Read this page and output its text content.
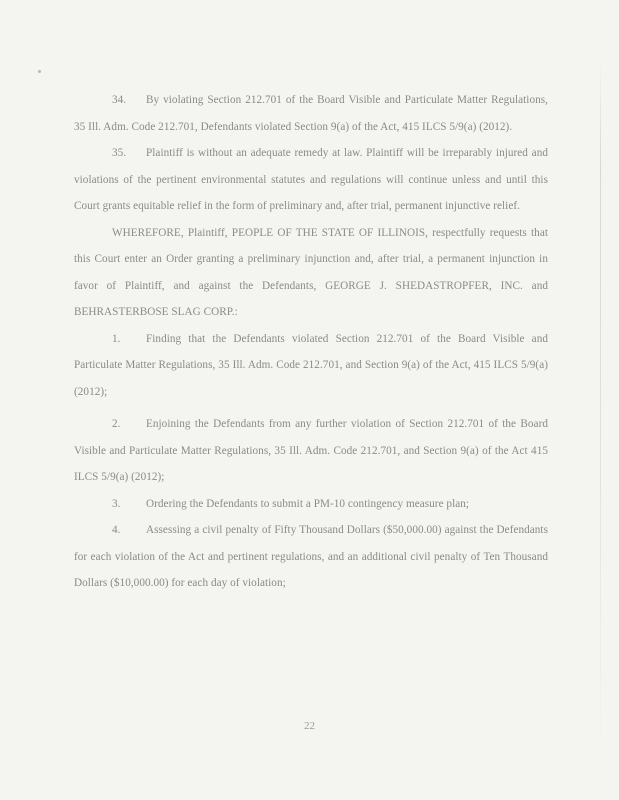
34. By violating Section 212.701 of the Board Visible and Particulate Matter Regulations, 35 Ill. Adm. Code 212.701, Defendants violated Section 9(a) of the Act, 415 ILCS 5/9(a) (2012).

35. Plaintiff is without an adequate remedy at law. Plaintiff will be irreparably injured and violations of the pertinent environmental statutes and regulations will continue unless and until this Court grants equitable relief in the form of preliminary and, after trial, permanent injunctive relief.

WHEREFORE, Plaintiff, PEOPLE OF THE STATE OF ILLINOIS, respectfully requests that this Court enter an Order granting a preliminary injunction and, after trial, a permanent injunction in favor of Plaintiff, and against the Defendants, GEORGE J. SHEDASTROPFER, INC. and BEHRASTERBOSE SLAG CORP.:

1. Finding that the Defendants violated Section 212.701 of the Board Visible and Particulate Matter Regulations, 35 Ill. Adm. Code 212.701, and Section 9(a) of the Act, 415 ILCS 5/9(a) (2012);

2. Enjoining the Defendants from any further violation of Section 212.701 of the Board Visible and Particulate Matter Regulations, 35 Ill. Adm. Code 212.701, and Section 9(a) of the Act 415 ILCS 5/9(a) (2012);

3. Ordering the Defendants to submit a PM-10 contingency measure plan;

4. Assessing a civil penalty of Fifty Thousand Dollars ($50,000.00) against the Defendants for each violation of the Act and pertinent regulations, and an additional civil penalty of Ten Thousand Dollars ($10,000.00) for each day of violation;

22
